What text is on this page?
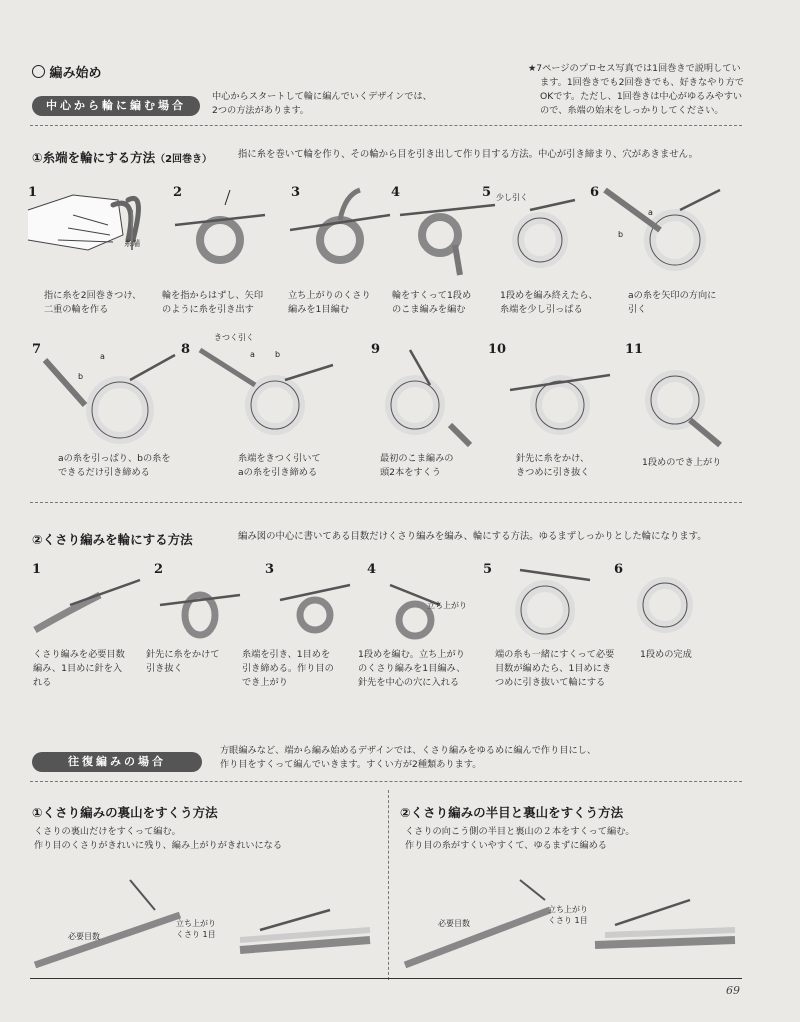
編み始め
中心から輪に編む場合
中心からスタートして輪に編んでいくデザインでは、
2つの方法があります。
★7ページのプロセス写真では1回巻きで説明してい
ます。1回巻きでも2回巻きでも、好きなやり方で
OKです。ただし、1回巻きは中心がゆるみやすい
ので、糸端の始末をしっかりしてください。
①糸端を輪にする方法（2回巻き）	指に糸を巻いて輪を作り、その輪から目を引き出して作り目する方法。中心が引き締まり、穴があきません。
糸端
少し引く
a
b
1	2	3	4	5	6
指に糸を2回巻きつけ、
二重の輪を作る
輪を指からはずし、矢印
のように糸を引き出す
立ち上がりのくさり
編みを1目編む
輪をすくって1段め
のこま編みを編む
1段めを編み終えたら、
糸端を少し引っぱる
aの糸を矢印の方向に
引く
a
b
きつく引く
a	b
7	8	9	10	11
aの糸を引っぱり、bの糸を
できるだけ引き締める
糸端をきつく引いて
aの糸を引き締める
最初のこま編みの
頭2本をすくう
針先に糸をかけ、
きつめに引き抜く
1段めのでき上がり
②くさり編みを輪にする方法	編み図の中心に書いてある目数だけくさり編みを編み、輪にする方法。ゆるまずしっかりとした輪になります。
立ち上がり
1	2	3	4	5	6
くさり編みを必要目数
編み、1目めに針を入
れる
針先に糸をかけて
引き抜く
糸端を引き、1目めを
引き締める。作り目の
でき上がり
1段めを編む。立ち上がり
のくさり編みを1目編み、
針先を中心の穴に入れる
端の糸も一緒にすくって必要
目数が編めたら、1目めにき
つめに引き抜いて輪にする
1段めの完成
往復編みの場合
方眼編みなど、端から編み始めるデザインでは、くさり編みをゆるめに編んで作り目にし、
作り目をすくって編んでいきます。すくい方が2種類あります。
①くさり編みの裏山をすくう方法
くさりの裏山だけをすくって編む。
作り目のくさりがきれいに残り、編み上がりがきれいになる
必要目数
立ち上がり
くさり 1目
②くさり編みの半目と裏山をすくう方法
くさりの向こう側の半目と裏山の２本をすくって編む。
作り目の糸がすくいやすくて、ゆるまずに編める
必要目数
立ち上がり
くさり 1目
69
